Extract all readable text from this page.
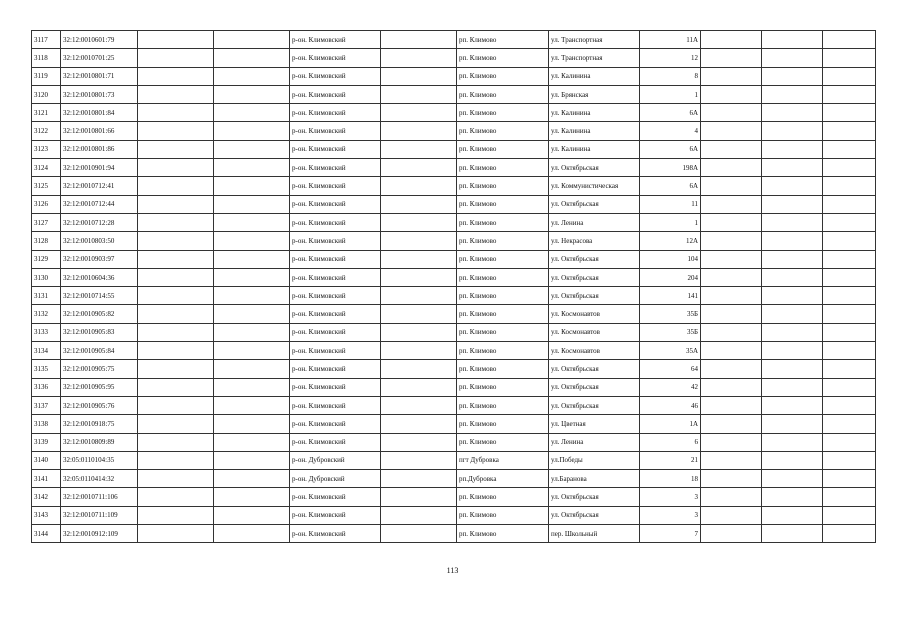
3117	32:12:0010601:79			р-он. Климовский		рп. Климово	ул. Транспортная	11А			
3118	32:12:0010701:25			р-он. Климовский		рп. Климово	ул. Транспортная	12			
3119	32:12:0010801:71			р-он. Климовский		рп. Климово	ул. Калинина	8			
3120	32:12:0010801:73			р-он. Климовский		рп. Климово	ул. Брянская	1			
3121	32:12:0010801:84			р-он. Климовский		рп. Климово	ул. Калинина	6А			
3122	32:12:0010801:66			р-он. Климовский		рп. Климово	ул. Калинина	4			
3123	32:12:0010801:86			р-он. Климовский		рп. Климово	ул. Калинина	6А			
3124	32:12:0010901:94			р-он. Климовский		рп. Климово	ул. Октябрьская	198А			
3125	32:12:0010712:41			р-он. Климовский		рп. Климово	ул. Коммунистическая	6А			
3126	32:12:0010712:44			р-он. Климовский		рп. Климово	ул. Октябрьская	11			
3127	32:12:0010712:28			р-он. Климовский		рп. Климово	ул. Ленина	1			
3128	32:12:0010803:50			р-он. Климовский		рп. Климово	ул. Некрасова	12А			
3129	32:12:0010903:97			р-он. Климовский		рп. Климово	ул. Октябрьская	104			
3130	32:12:0010604:36			р-он. Климовский		рп. Климово	ул. Октябрьская	204			
3131	32:12:0010714:55			р-он. Климовский		рп. Климово	ул. Октябрьская	141			
3132	32:12:0010905:82			р-он. Климовский		рп. Климово	ул. Космонавтов	35Б			
3133	32:12:0010905:83			р-он. Климовский		рп. Климово	ул. Космонавтов	35Б			
3134	32:12:0010905:84			р-он. Климовский		рп. Климово	ул. Космонавтов	35А			
3135	32:12:0010905:75			р-он. Климовский		рп. Климово	ул. Октябрьская	64			
3136	32:12:0010905:95			р-он. Климовский		рп. Климово	ул. Октябрьская	42			
3137	32:12:0010905:76			р-он. Климовский		рп. Климово	ул. Октябрьская	46			
3138	32:12:0010918:75			р-он. Климовский		рп. Климово	ул. Цветная	1А			
3139	32:12:0010809:89			р-он. Климовский		рп. Климово	ул. Ленина	6			
3140	32:05:0110104:35			р-он. Дубровский		пгт Дубровка	ул.Победы	21			
3141	32:05:0110414:32			р-он. Дубровский		рп.Дубровка	ул.Баранова	18			
3142	32:12:0010711:106			р-он. Климовский		рп. Климово	ул. Октябрьская	3			
3143	32:12:0010711:109			р-он. Климовский		рп. Климово	ул. Октябрьская	3			
3144	32:12:0010912:109			р-он. Климовский		рп. Климово	пер. Школьный	7			
113
